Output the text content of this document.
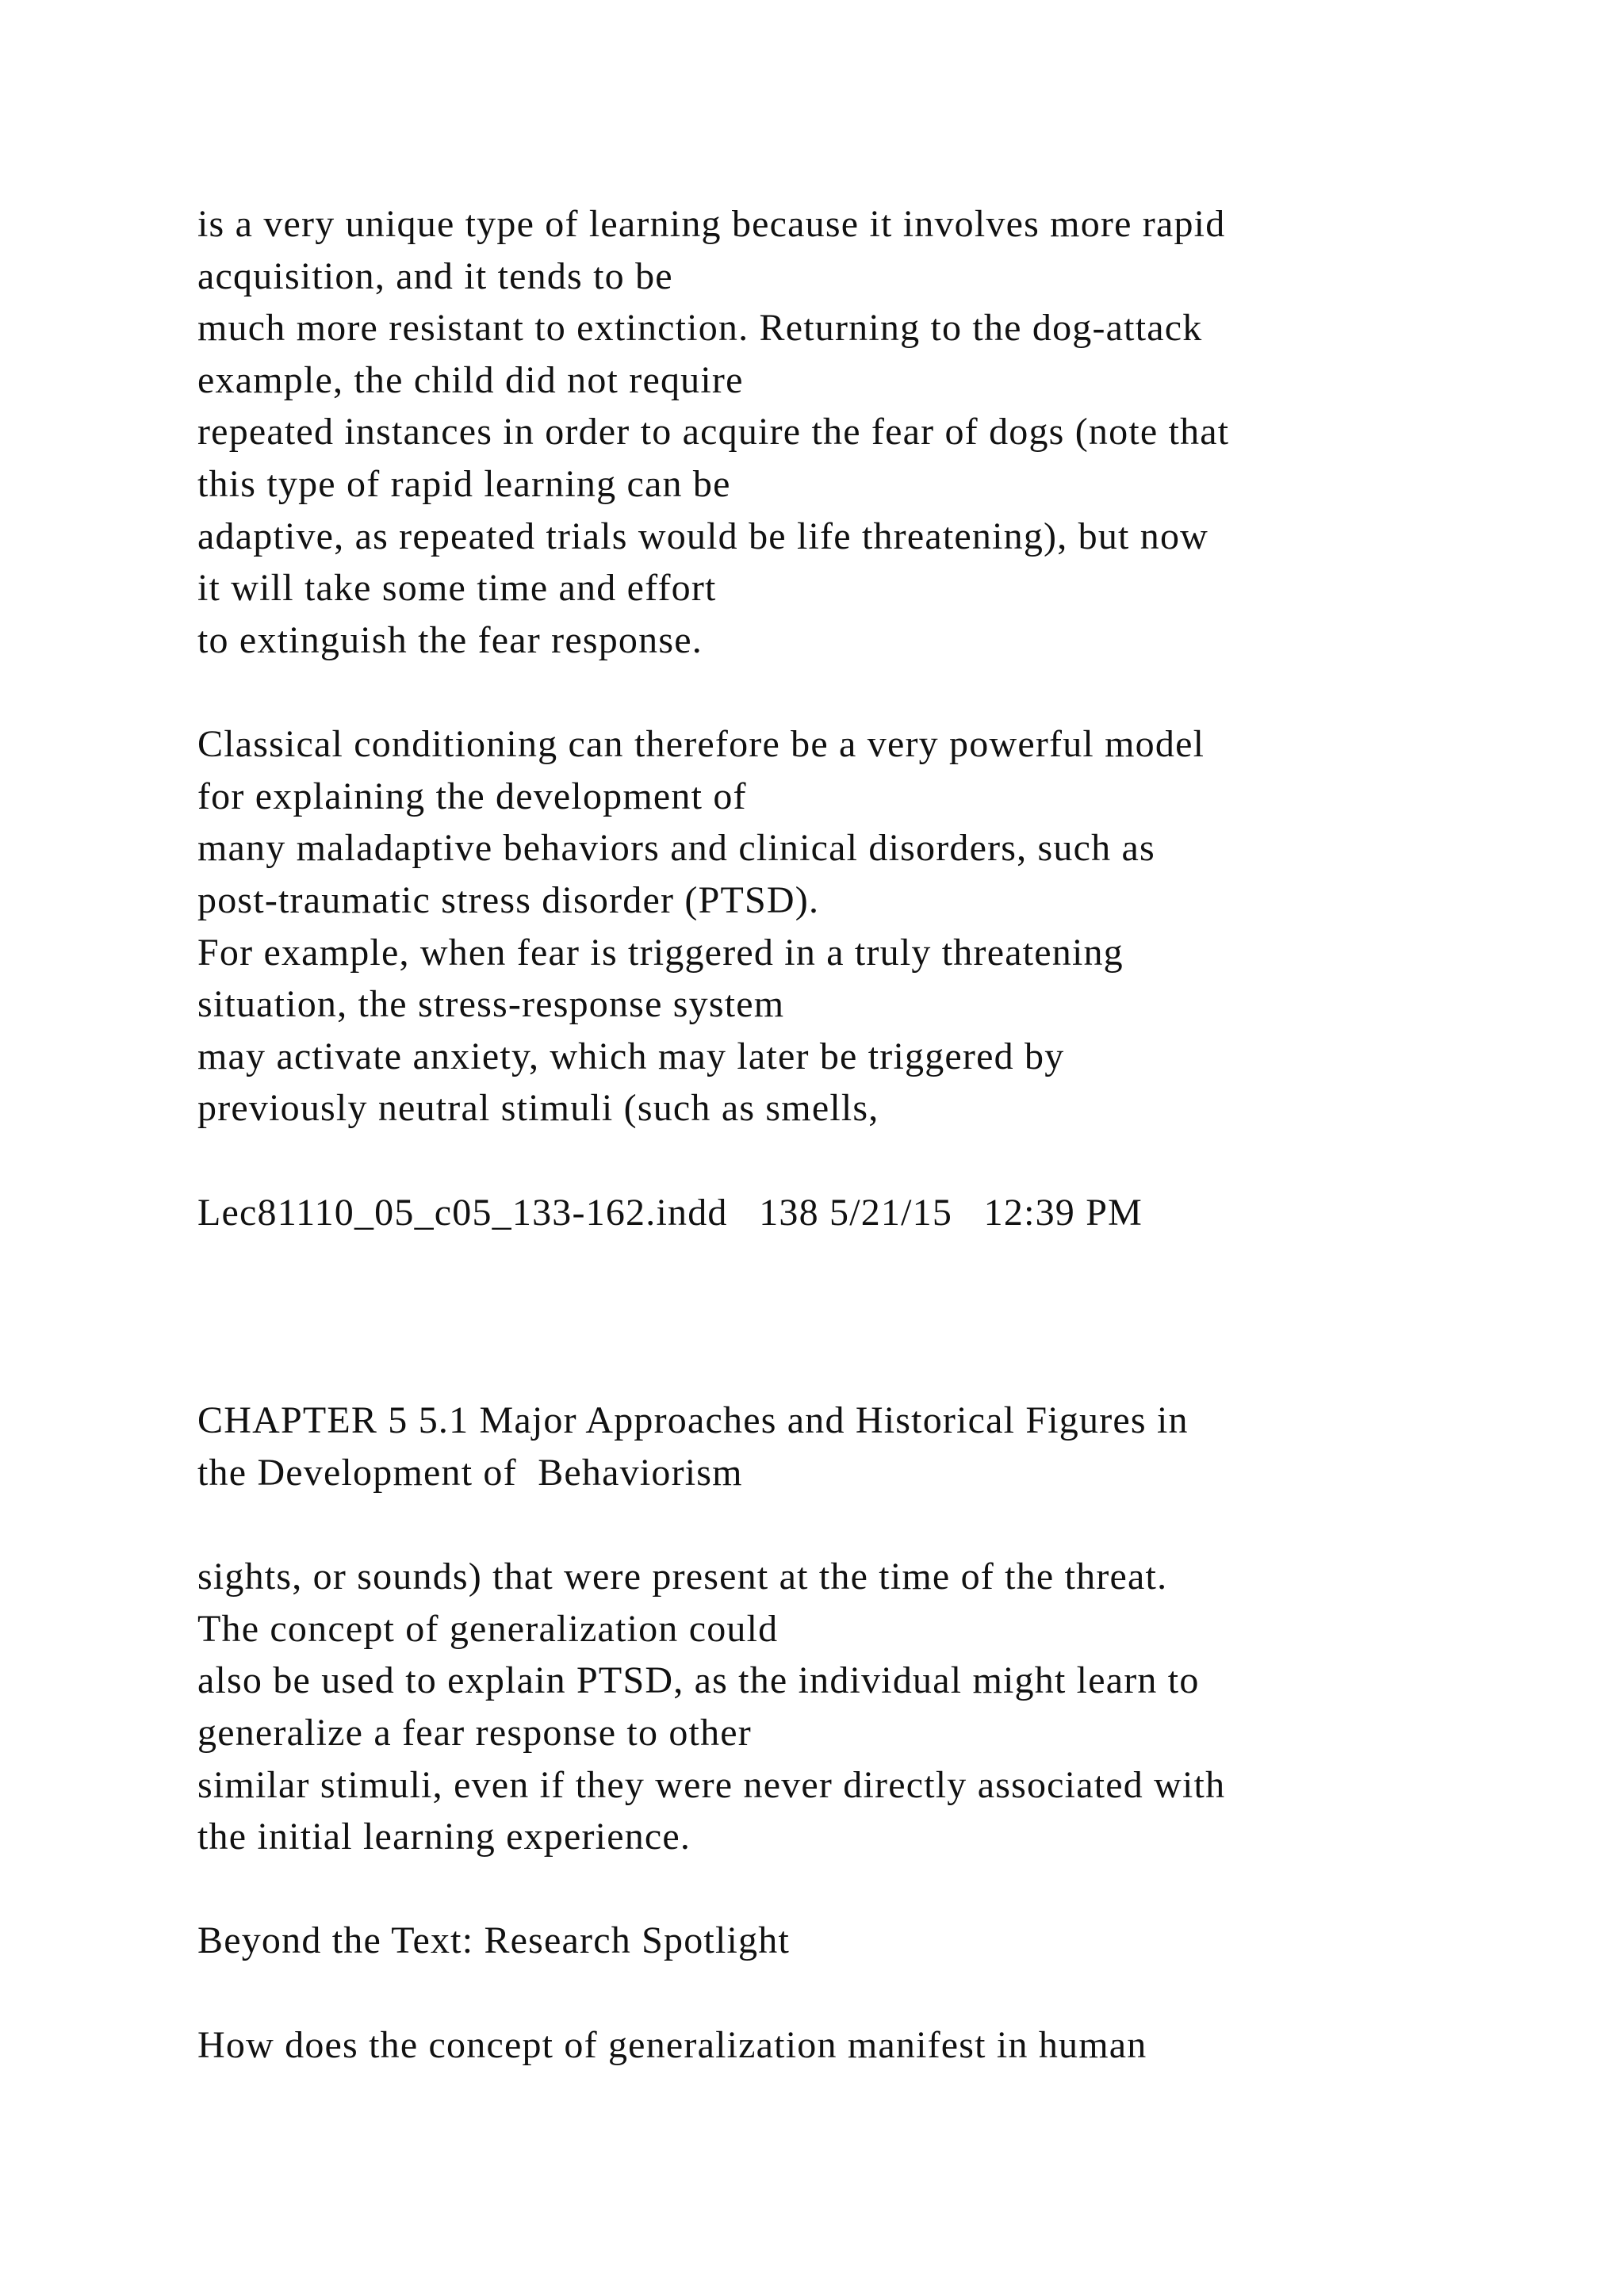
is a very unique type of learning because it involves more rapid
acquisition, and it tends to be
much more resistant to extinction. Returning to the dog-attack
example, the child did not require
repeated instances in order to acquire the fear of dogs (note that
this type of rapid learning can be
adaptive, as repeated trials would be life threatening), but now
it will take some time and effort
to extinguish the fear response.
Classical conditioning can therefore be a very powerful model
for explaining the development of
many maladaptive behaviors and clinical disorders, such as
post-traumatic stress disorder (PTSD).
For example, when fear is triggered in a truly threatening
situation, the stress-response system
may activate anxiety, which may later be triggered by
previously neutral stimuli (such as smells,
Lec81110_05_c05_133-162.indd   138 5/21/15   12:39 PM
CHAPTER 5 5.1 Major Approaches and Historical Figures in
the Development of  Behaviorism
sights, or sounds) that were present at the time of the threat.
The concept of generalization could
also be used to explain PTSD, as the individual might learn to
generalize a fear response to other
similar stimuli, even if they were never directly associated with
the initial learning experience.
Beyond the Text: Research Spotlight
How does the concept of generalization manifest in human
